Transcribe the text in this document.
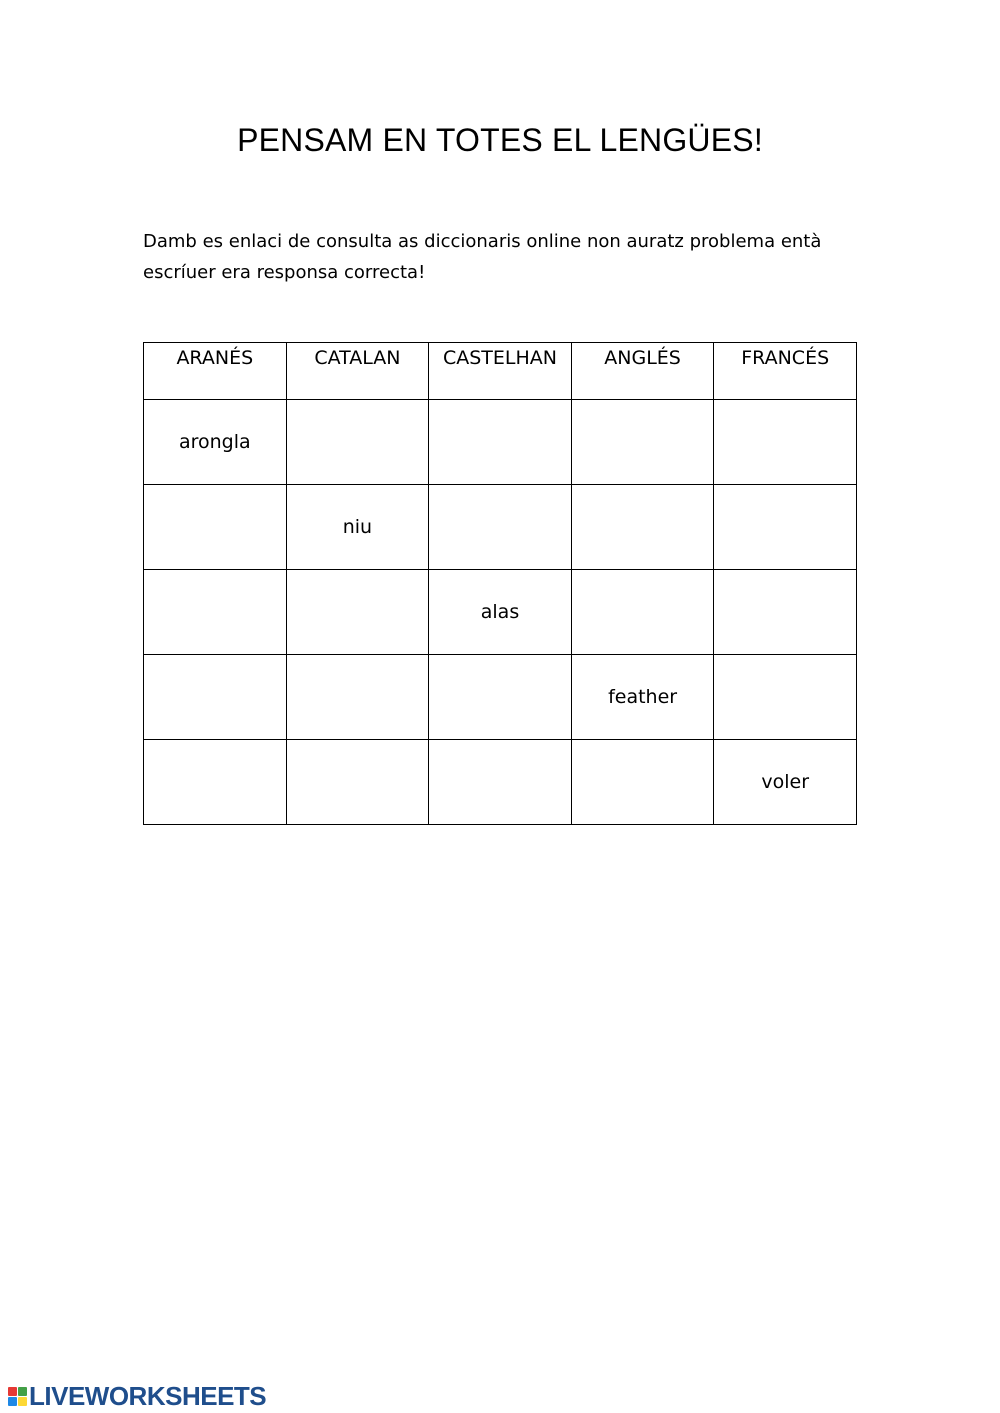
PENSAM EN TOTES EL LENGÜES!
Damb es enlaci de consulta as diccionaris online non auratz problema entà
escríuer era responsa correcta!
ARANÉS	CATALAN	CASTELHAN	ANGLÉS	FRANCÉS
arongla				
	niu			
		alas		
			feather	
				voler
LIVEWORKSHEETS
